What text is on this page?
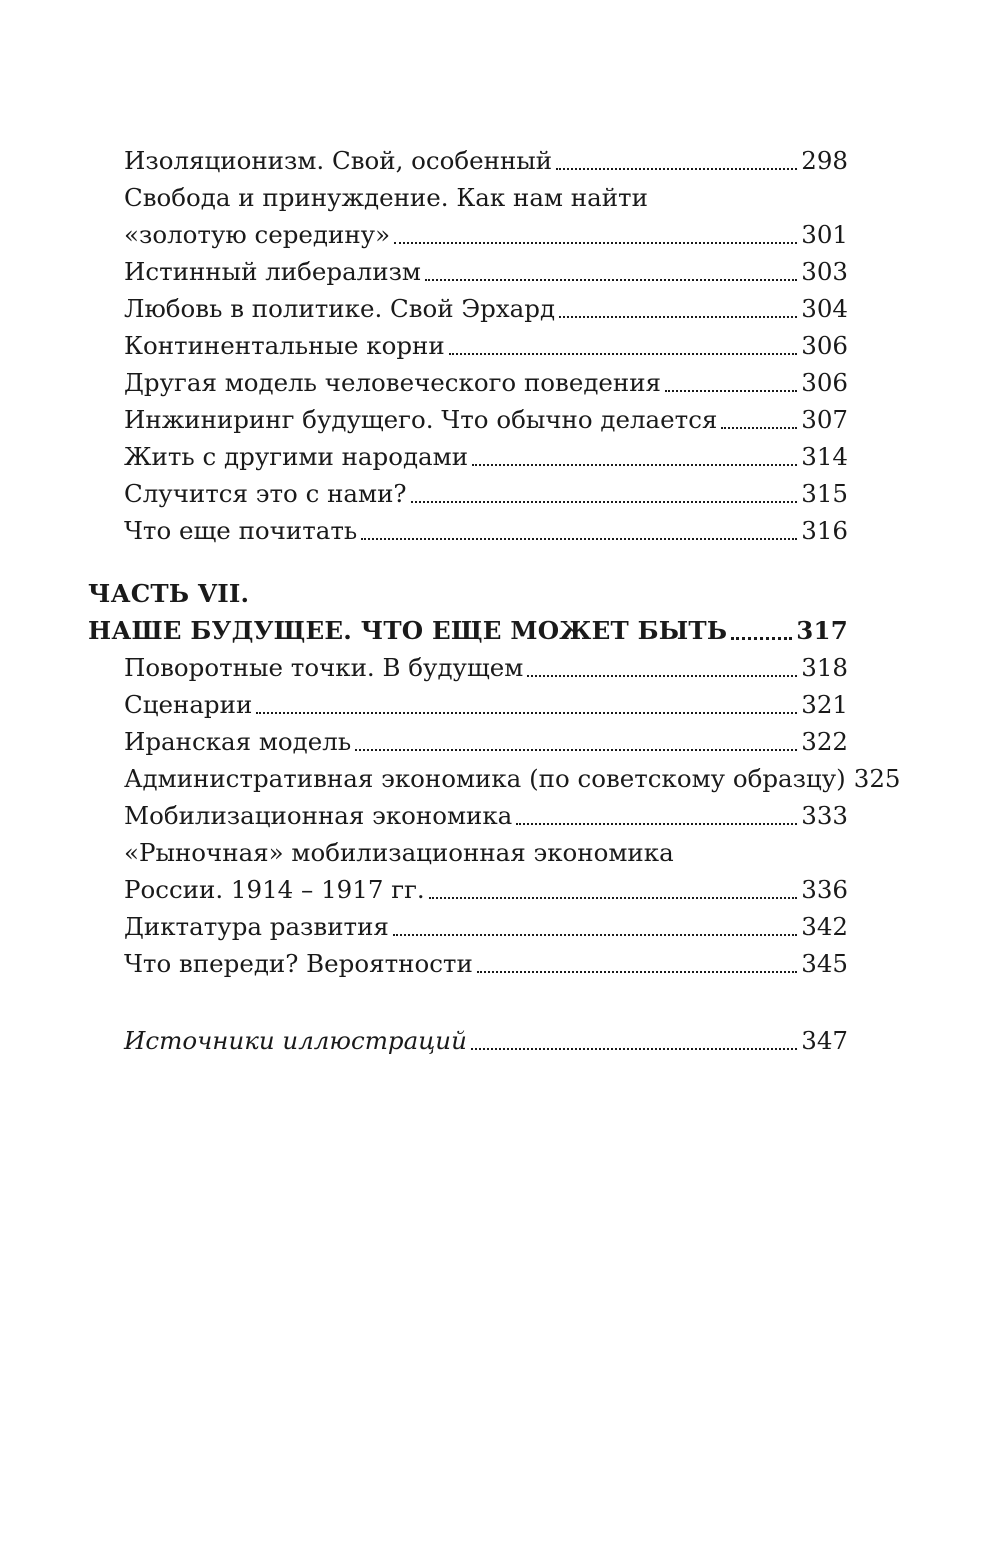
Изоляционизм. Свой, особенный	298
Свобода и принуждение. Как нам найти
«золотую середину»	301
Истинный либерализм	303
Любовь в политике. Свой Эрхард	304
Континентальные корни	306
Другая модель человеческого поведения	306
Инжиниринг будущего. Что обычно делается	307
Жить с другими народами	314
Случится это с нами?	315
Что еще почитать	316
ЧАСТЬ VII.
НАШЕ БУДУЩЕЕ. ЧТО ЕЩЕ МОЖЕТ БЫТЬ	317
Поворотные точки. В будущем	318
Сценарии	321
Иранская модель	322
Административная экономика (по советскому образцу) 325
Мобилизационная экономика	333
«Рыночная» мобилизационная экономика
России. 1914 – 1917 гг.	336
Диктатура развития	342
Что впереди? Вероятности	345
Источники иллюстраций	347
